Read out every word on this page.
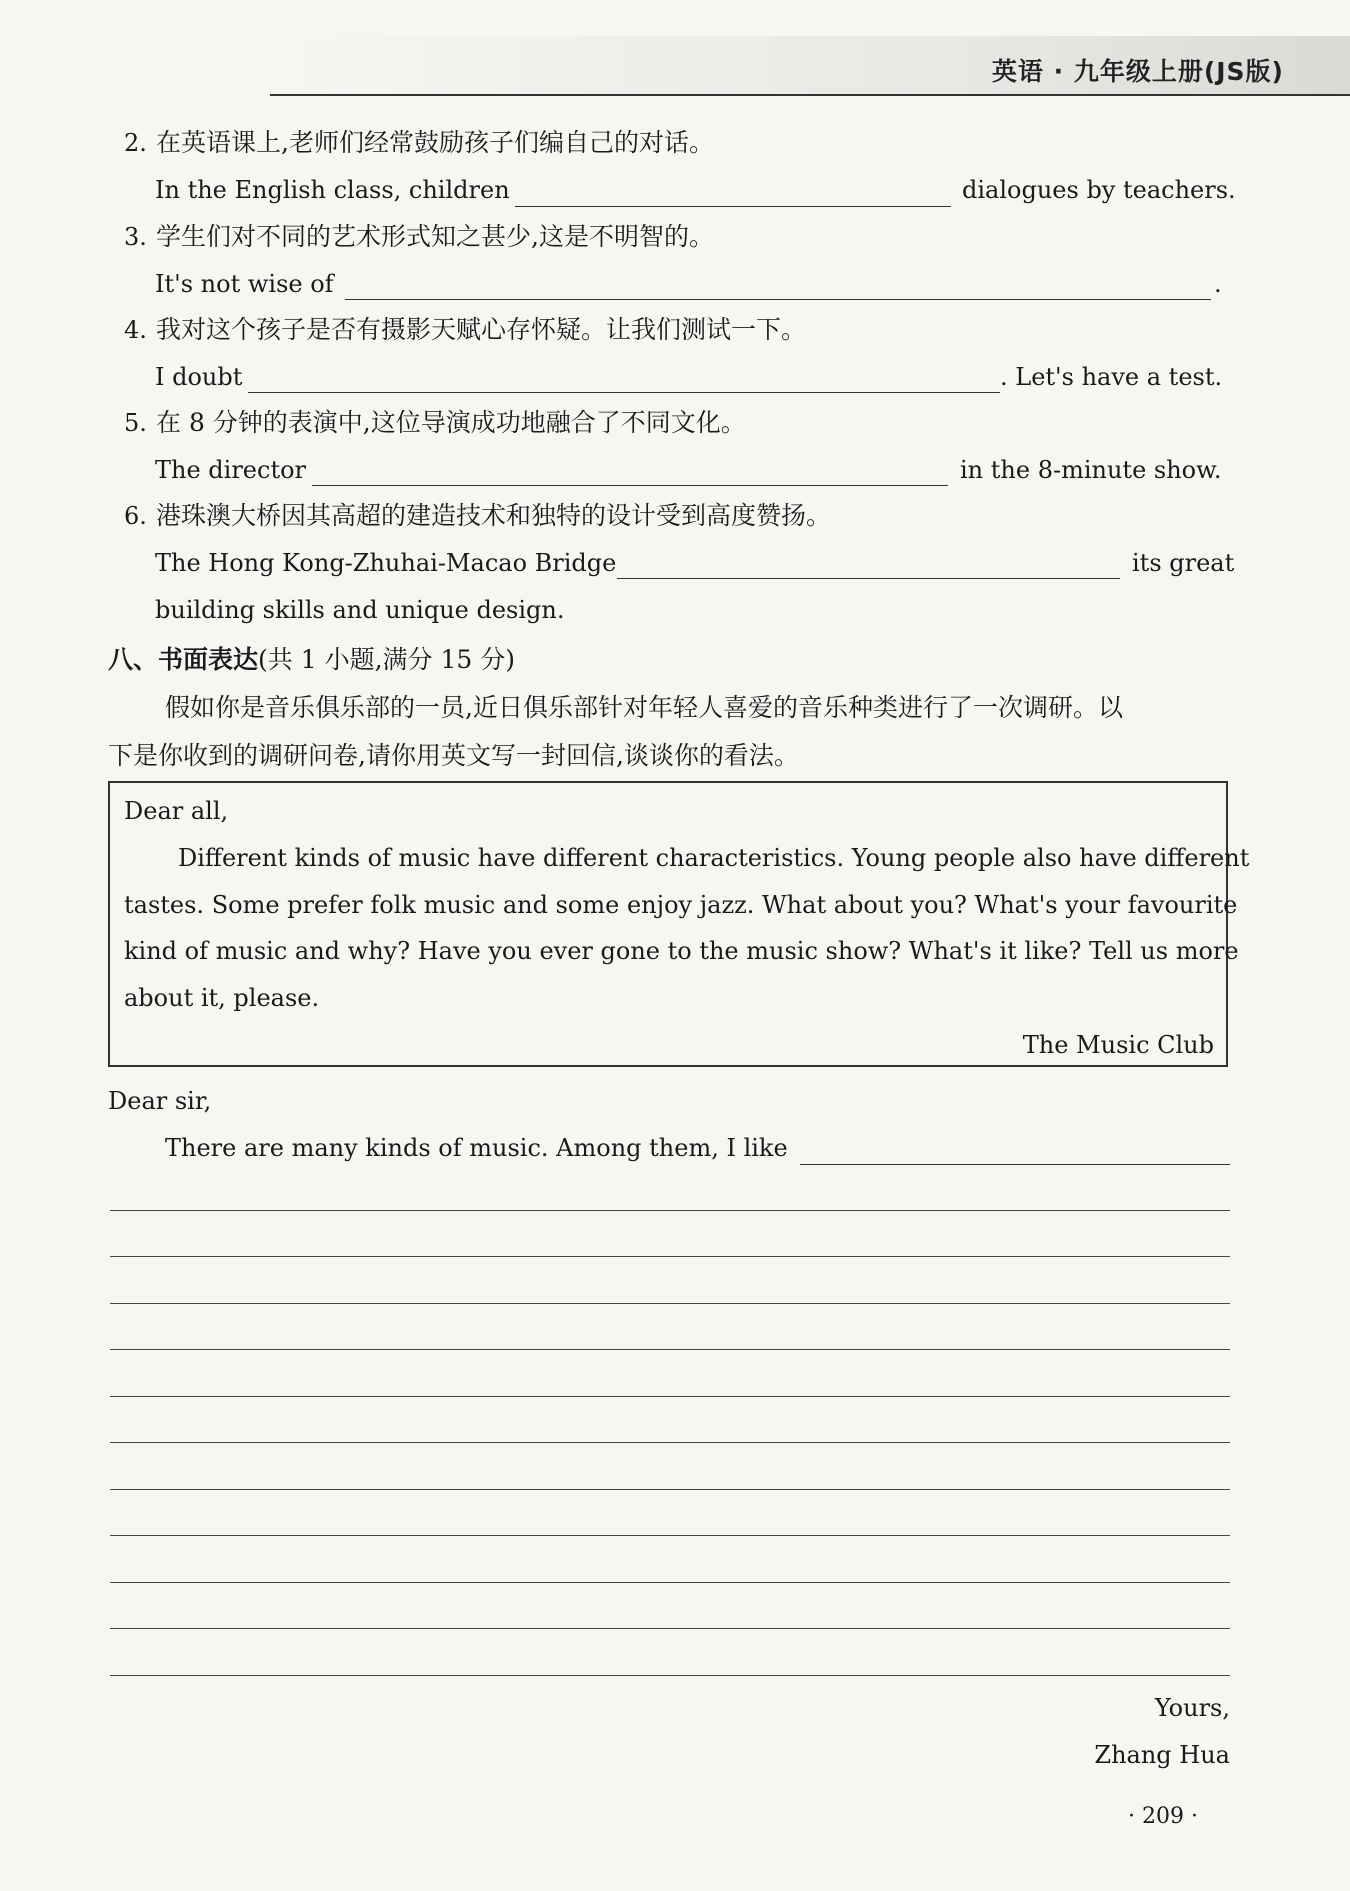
英语 · 九年级上册(JS版)
2. 在英语课上,老师们经常鼓励孩子们编自己的对话。
In the English class, children	dialogues by teachers.
3. 学生们对不同的艺术形式知之甚少,这是不明智的。
It's not wise of	.
4. 我对这个孩子是否有摄影天赋心存怀疑。让我们测试一下。
I doubt	. Let's have a test.
5. 在 8 分钟的表演中,这位导演成功地融合了不同文化。
The director	in the 8-minute show.
6. 港珠澳大桥因其高超的建造技术和独特的设计受到高度赞扬。
The Hong Kong-Zhuhai-Macao Bridge	its great
building skills and unique design.
八、书面表达(共 1 小题,满分 15 分)
假如你是音乐俱乐部的一员,近日俱乐部针对年轻人喜爱的音乐种类进行了一次调研。以
下是你收到的调研问卷,请你用英文写一封回信,谈谈你的看法。
Dear all,
Different kinds of music have different characteristics. Young people also have different
tastes. Some prefer folk music and some enjoy jazz. What about you? What's your favourite
kind of music and why? Have you ever gone to the music show? What's it like? Tell us more
about it, please.
The Music Club
Dear sir,
There are many kinds of music. Among them, I like
Yours,
Zhang Hua
· 209 ·
